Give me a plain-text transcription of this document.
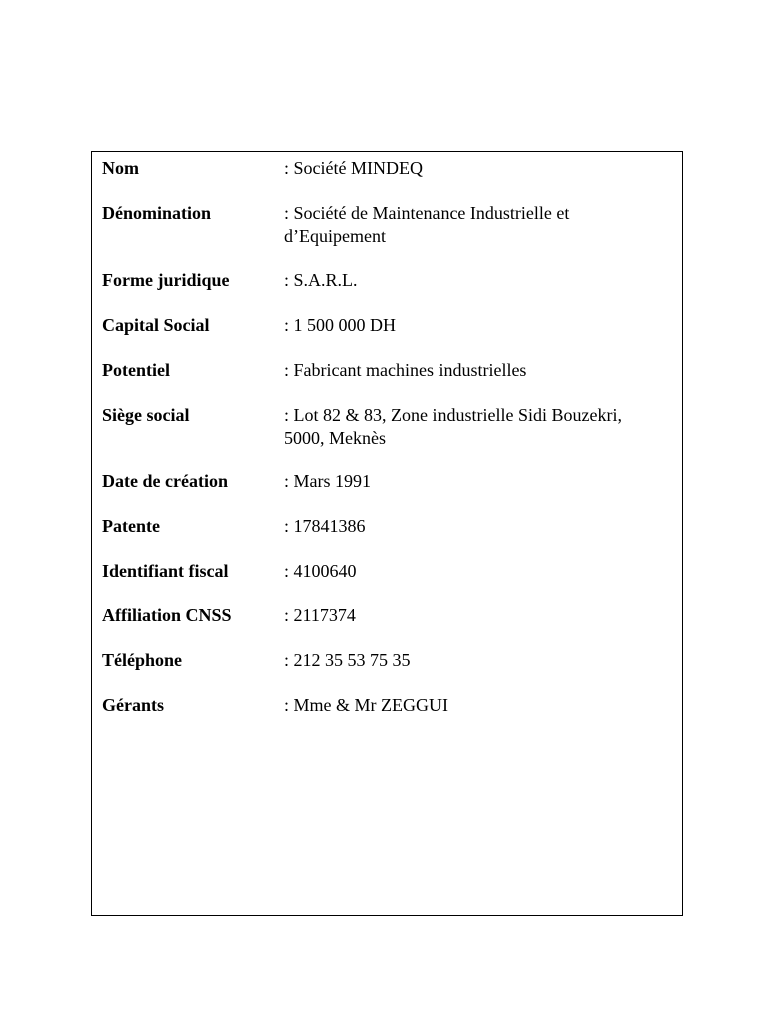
Nom	: Société MINDEQ
Dénomination	: Société de Maintenance Industrielle et
d’Equipement
Forme juridique	: S.A.R.L.
Capital Social	: 1 500 000 DH
Potentiel	: Fabricant machines industrielles
Siège social	: Lot 82 & 83, Zone industrielle Sidi Bouzekri,
5000, Meknès
Date de création	: Mars 1991
Patente	: 17841386
Identifiant fiscal	: 4100640
Affiliation CNSS	: 2117374
Téléphone	: 212 35 53 75 35
Gérants	: Mme & Mr ZEGGUI
